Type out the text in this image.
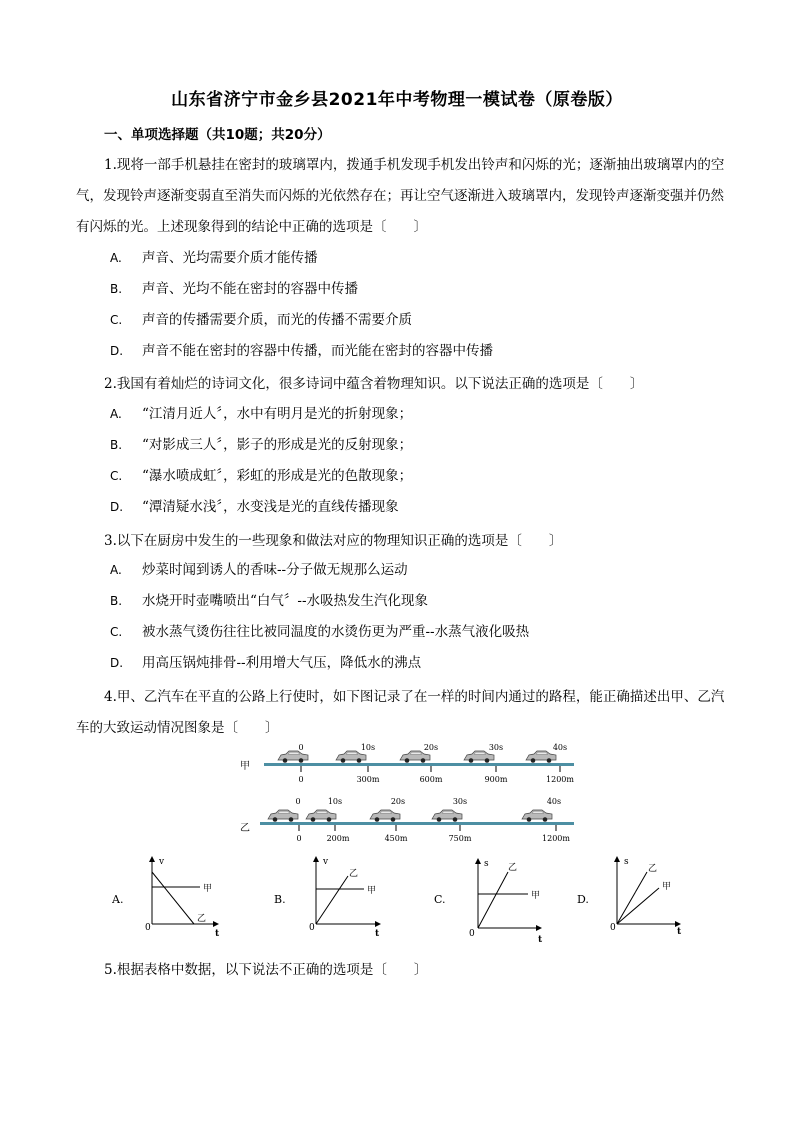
山东省济宁市金乡县2021年中考物理一模试卷（原卷版）
一、单项选择题（共10题；共20分）
1.现将一部手机悬挂在密封的玻璃罩内，拨通手机发现手机发出铃声和闪烁的光；逐渐抽出玻璃罩内的空气，发现铃声逐渐变弱直至消失而闪烁的光依然存在；再让空气逐渐进入玻璃罩内，发现铃声逐渐变强并仍然有闪烁的光。上述现象得到的结论中正确的选项是〔　　〕
A. 声音、光均需要介质才能传播
B. 声音、光均不能在密封的容器中传播
C. 声音的传播需要介质，而光的传播不需要介质
D. 声音不能在密封的容器中传播，而光能在密封的容器中传播
2.我国有着灿烂的诗词文化，很多诗词中蕴含着物理知识。以下说法正确的选项是〔　　〕
A. “江清月近人〞，水中有明月是光的折射现象；
B. “对影成三人〞，影子的形成是光的反射现象；
C. “瀑水喷成虹〞，彩虹的形成是光的色散现象；
D. “潭清疑水浅〞，水变浅是光的直线传播现象
3.以下在厨房中发生的一些现象和做法对应的物理知识正确的选项是〔　　〕
A. 炒菜时闻到诱人的香味--分子做无规那么运动
B. 水烧开时壶嘴喷出“白气〞--水吸热发生汽化现象
C. 被水蒸气烫伤往往比被同温度的水烫伤更为严重--水蒸气液化吸热
D. 用高压锅炖排骨--利用增大气压，降低水的沸点
4.甲、乙汽车在平直的公路上行使时，如下图记录了在一样的时间内通过的路程，能正确描述出甲、乙汽车的大致运动情况图象是〔　　〕
甲
0	10s	20s	30s	40s
0	300m	600m	900m	1200m
乙
0	10s	20s	30s	40s
0	200m	450m	750m	1200m
A.
v
t
0
甲
乙
B.
v
t
0
甲
乙
C.
s
t
0
甲
乙
D.
s
t
0
甲
乙
5.根据表格中数据，以下说法不正确的选项是〔　　〕
